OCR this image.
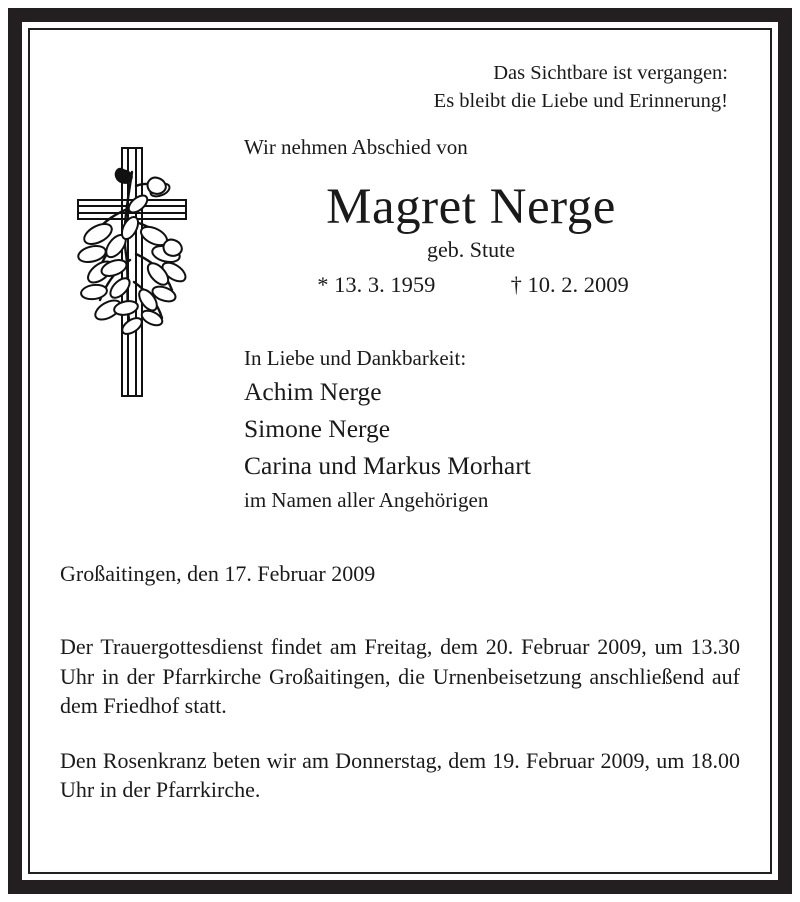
Das Sichtbare ist vergangen:
Es bleibt die Liebe und Erinnerung!

Wir nehmen Abschied von

Magret Nerge

geb. Stute

* 13. 3. 1959	† 10. 2. 2009

In Liebe und Dankbarkeit:

Achim Nerge

Simone Nerge

Carina und Markus Morhart

im Namen aller Angehörigen

Großaitingen, den 17. Februar 2009

Der Trauergottesdienst findet am Freitag, dem 20. Februar 2009, um 13.30 Uhr in der Pfarrkirche Großaitingen, die Urnenbeisetzung anschließend auf dem Friedhof statt.

Den Rosenkranz beten wir am Donnerstag, dem 19. Februar 2009, um 18.00 Uhr in der Pfarrkirche.
